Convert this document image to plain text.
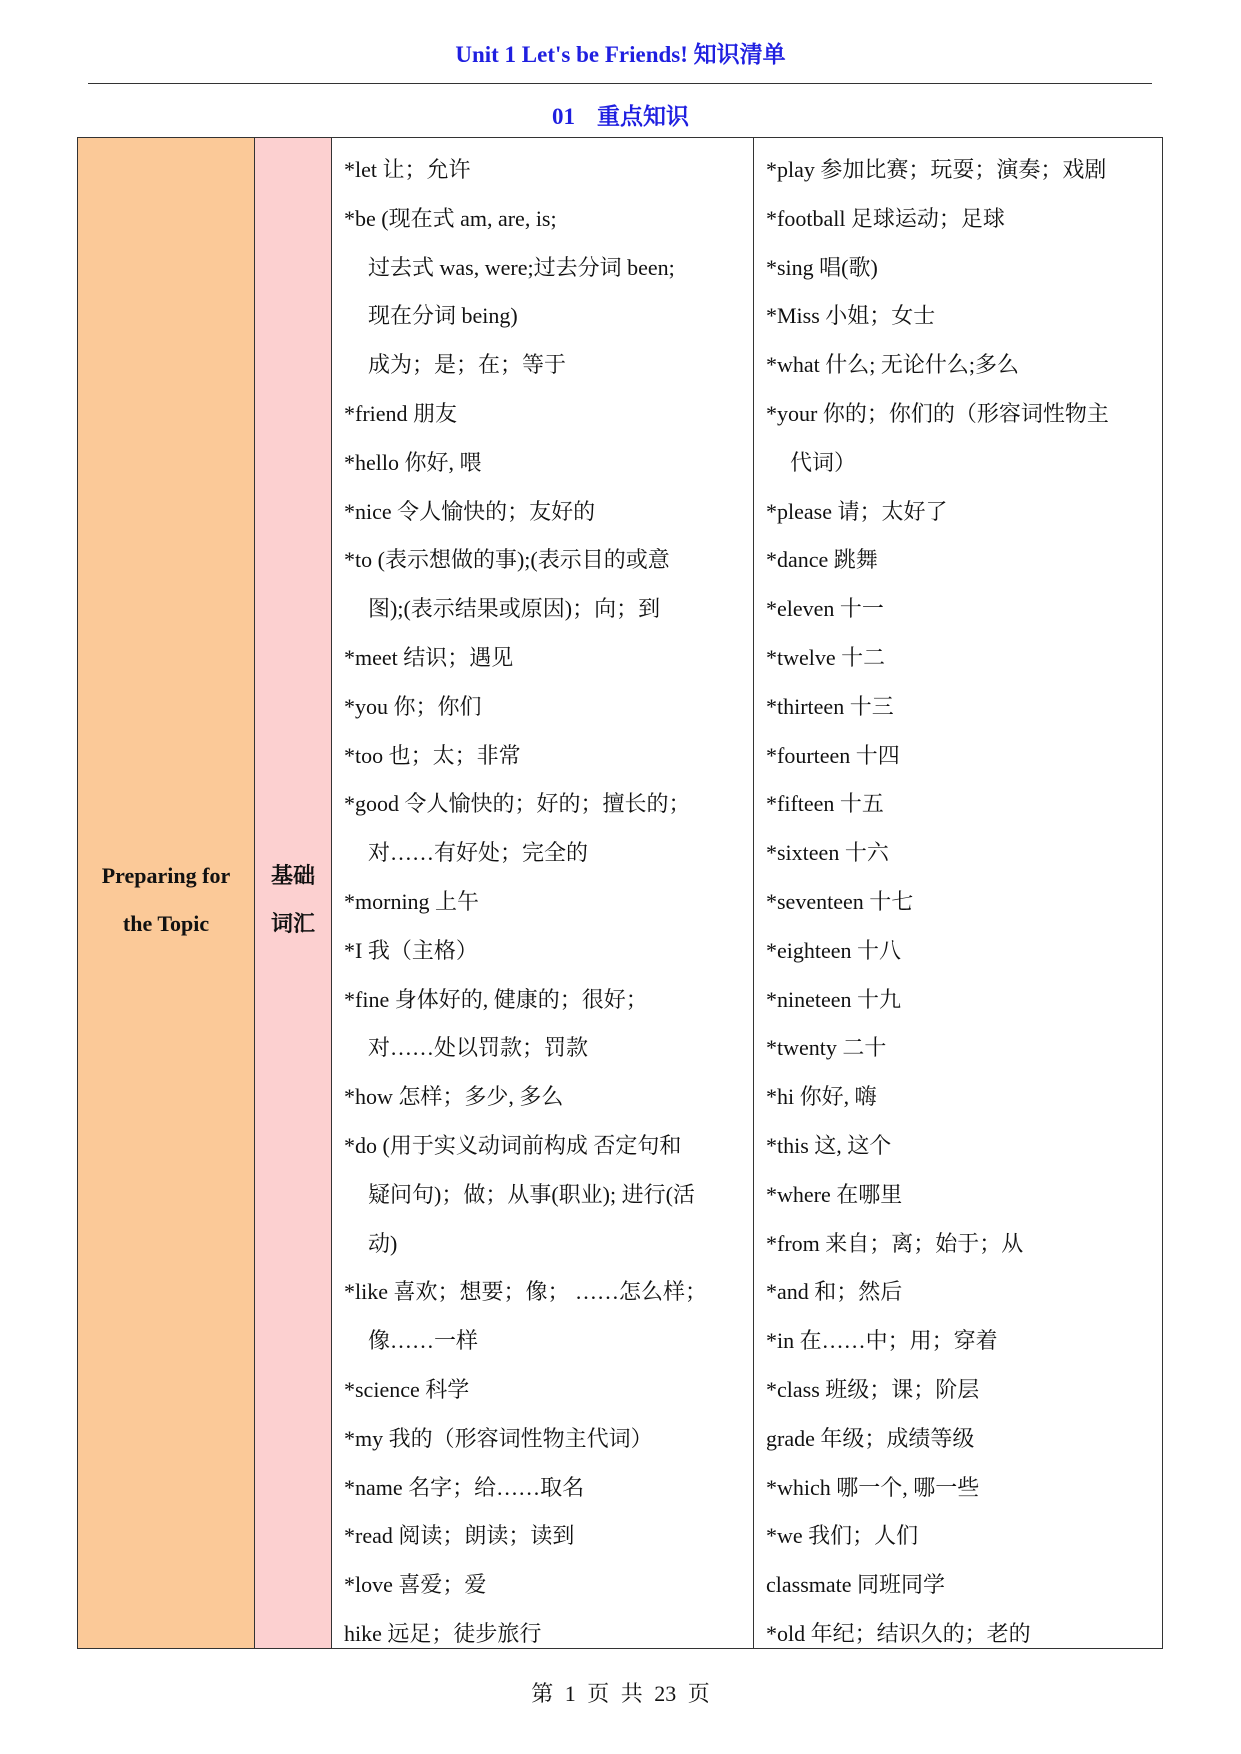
Unit 1 Let's be Friends! 知识清单
01 重点知识
Preparing for
the Topic
基础
词汇
*let 让；允许
*be (现在式 am, are, is;
过去式 was, were;过去分词 been;
现在分词 being)
成为；是；在；等于
*friend 朋友
*hello 你好, 喂
*nice 令人愉快的；友好的
*to (表示想做的事);(表示目的或意
图);(表示结果或原因)；向；到
*meet 结识；遇见
*you 你；你们
*too 也；太；非常
*good 令人愉快的；好的；擅长的；
对……有好处；完全的
*morning 上午
*I 我（主格）
*fine 身体好的, 健康的；很好；
对……处以罚款；罚款
*how 怎样；多少, 多么
*do (用于实义动词前构成 否定句和
疑问句)；做；从事(职业); 进行(活
动)
*like 喜欢；想要；像； ……怎么样；
像……一样
*science 科学
*my 我的（形容词性物主代词）
*name 名字；给……取名
*read 阅读；朗读；读到
*love 喜爱；爱
hike 远足；徒步旅行
*play 参加比赛；玩耍；演奏；戏剧
*football 足球运动；足球
*sing 唱(歌)
*Miss 小姐；女士
*what 什么; 无论什么;多么
*your 你的；你们的（形容词性物主
代词）
*please 请；太好了
*dance 跳舞
*eleven 十一
*twelve 十二
*thirteen 十三
*fourteen 十四
*fifteen 十五
*sixteen 十六
*seventeen 十七
*eighteen 十八
*nineteen 十九
*twenty 二十
*hi 你好, 嗨
*this 这, 这个
*where 在哪里
*from 来自；离；始于；从
*and 和；然后
*in 在……中；用；穿着
*class 班级；课；阶层
grade 年级；成绩等级
*which 哪一个, 哪一些
*we 我们；人们
classmate 同班同学
*old 年纪；结识久的；老的
第 1 页 共 23 页
